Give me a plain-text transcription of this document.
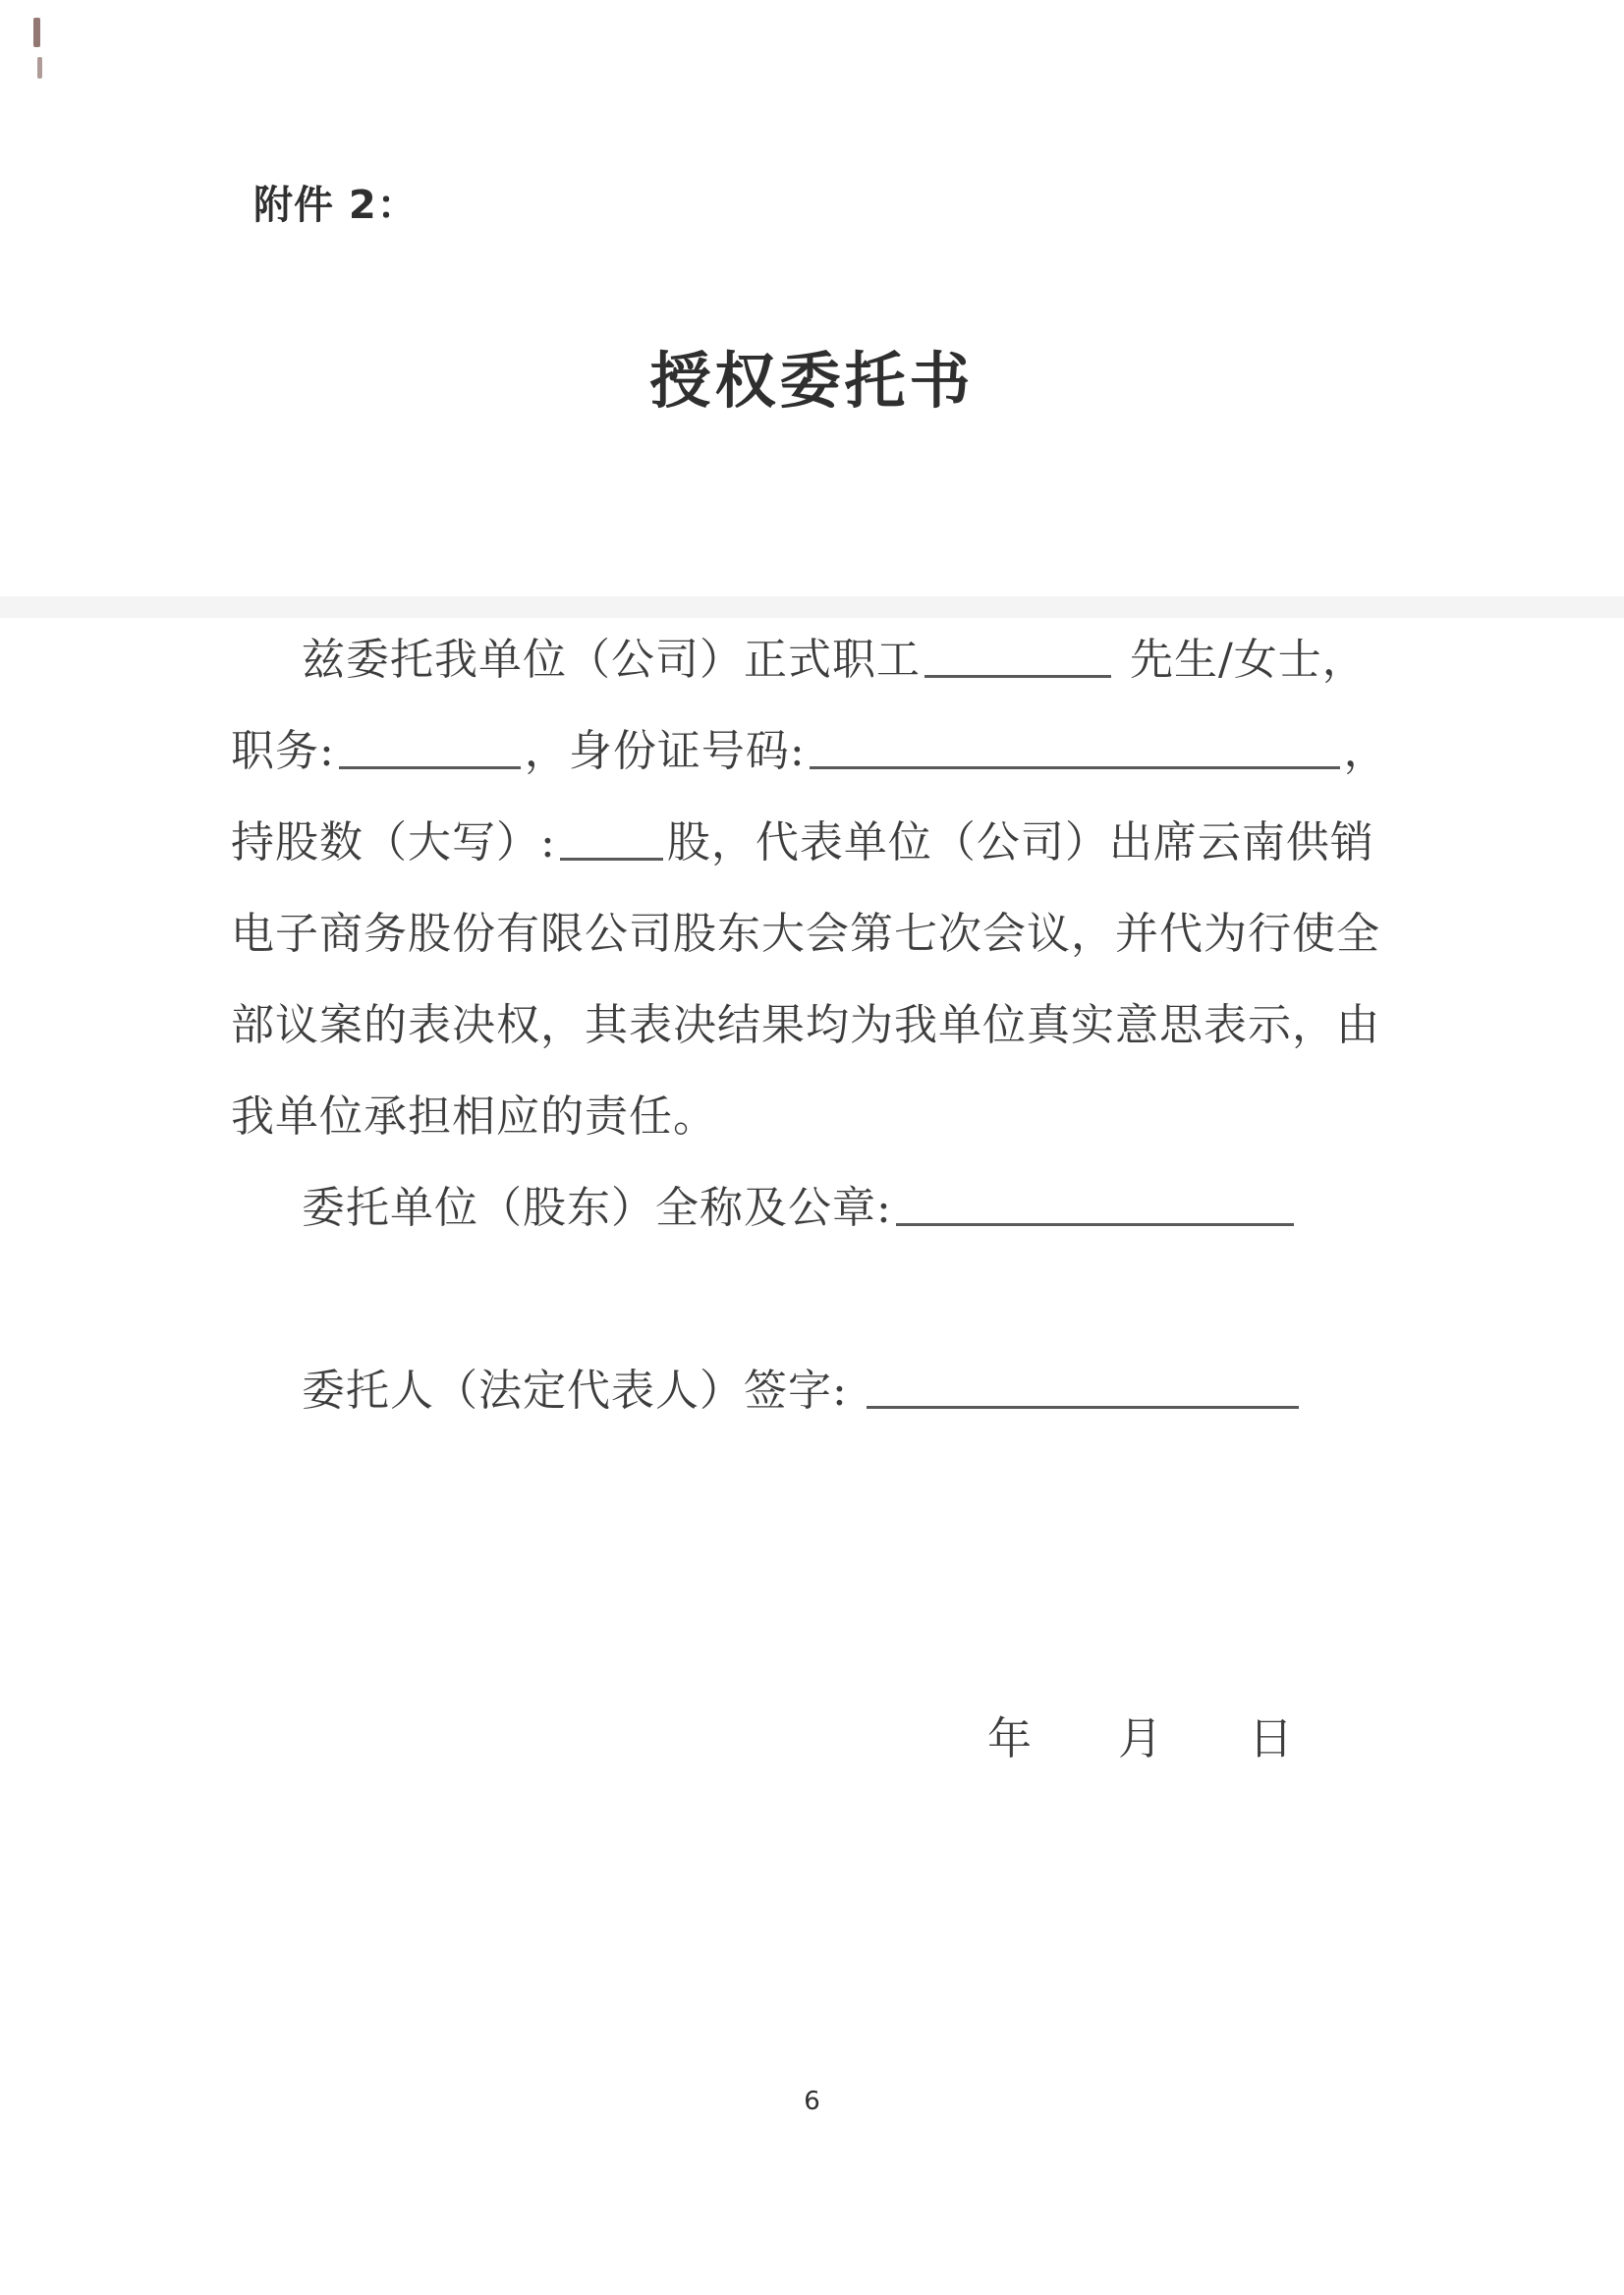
附件 2：
授权委托书
兹委托我单位（公司）正式职工	先生/女士，
职务:	，身份证号码:	，
持股数（大写）:	股，代表单位（公司）出席云南供销
电子商务股份有限公司股东大会第七次会议，并代为行使全
部议案的表决权，其表决结果均为我单位真实意思表示，由
我单位承担相应的责任。
委托单位（股东）全称及公章:
委托人（法定代表人）签字:
年 月 日
6
